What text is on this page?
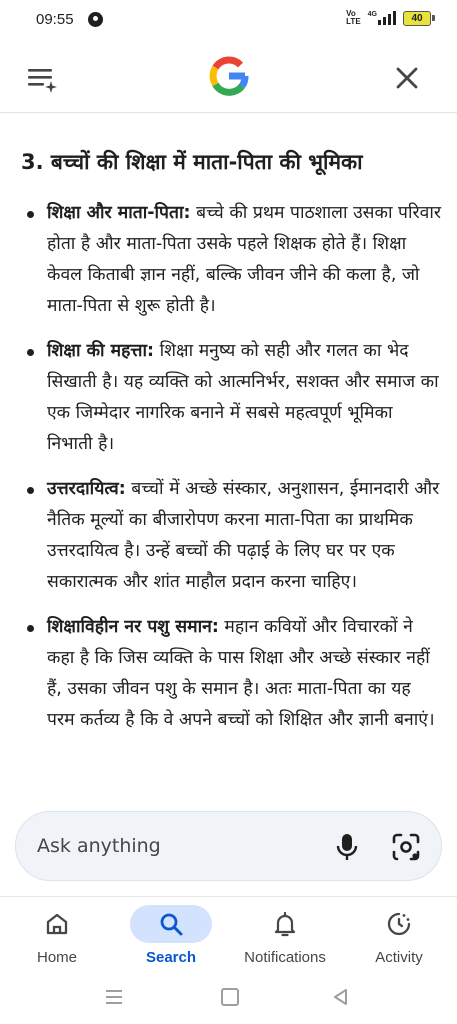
09:55	Vo
LTE
4G	40
3. बच्चों की शिक्षा में माता-पिता की भूमिका
शिक्षा और माता-पिता: बच्चे की प्रथम पाठशाला उसका परिवार होता है और माता-पिता उसके पहले शिक्षक होते हैं। शिक्षा केवल किताबी ज्ञान नहीं, बल्कि जीवन जीने की कला है, जो माता-पिता से शुरू होती है।
शिक्षा की महत्ता: शिक्षा मनुष्य को सही और गलत का भेद सिखाती है। यह व्यक्ति को आत्मनिर्भर, सशक्त और समाज का एक जिम्मेदार नागरिक बनाने में सबसे महत्वपूर्ण भूमिका निभाती है।
उत्तरदायित्व: बच्चों में अच्छे संस्कार, अनुशासन, ईमानदारी और नैतिक मूल्यों का बीजारोपण करना माता-पिता का प्राथमिक उत्तरदायित्व है। उन्हें बच्चों की पढ़ाई के लिए घर पर एक सकारात्मक और शांत माहौल प्रदान करना चाहिए।
शिक्षाविहीन नर पशु समान: महान कवियों और विचारकों ने कहा है कि जिस व्यक्ति के पास शिक्षा और अच्छे संस्कार नहीं हैं, उसका जीवन पशु के समान है। अतः माता-पिता का यह परम कर्तव्य है कि वे अपने बच्चों को शिक्षित और ज्ञानी बनाएं।
Ask anything
Home	Search	Notifications	Activity
